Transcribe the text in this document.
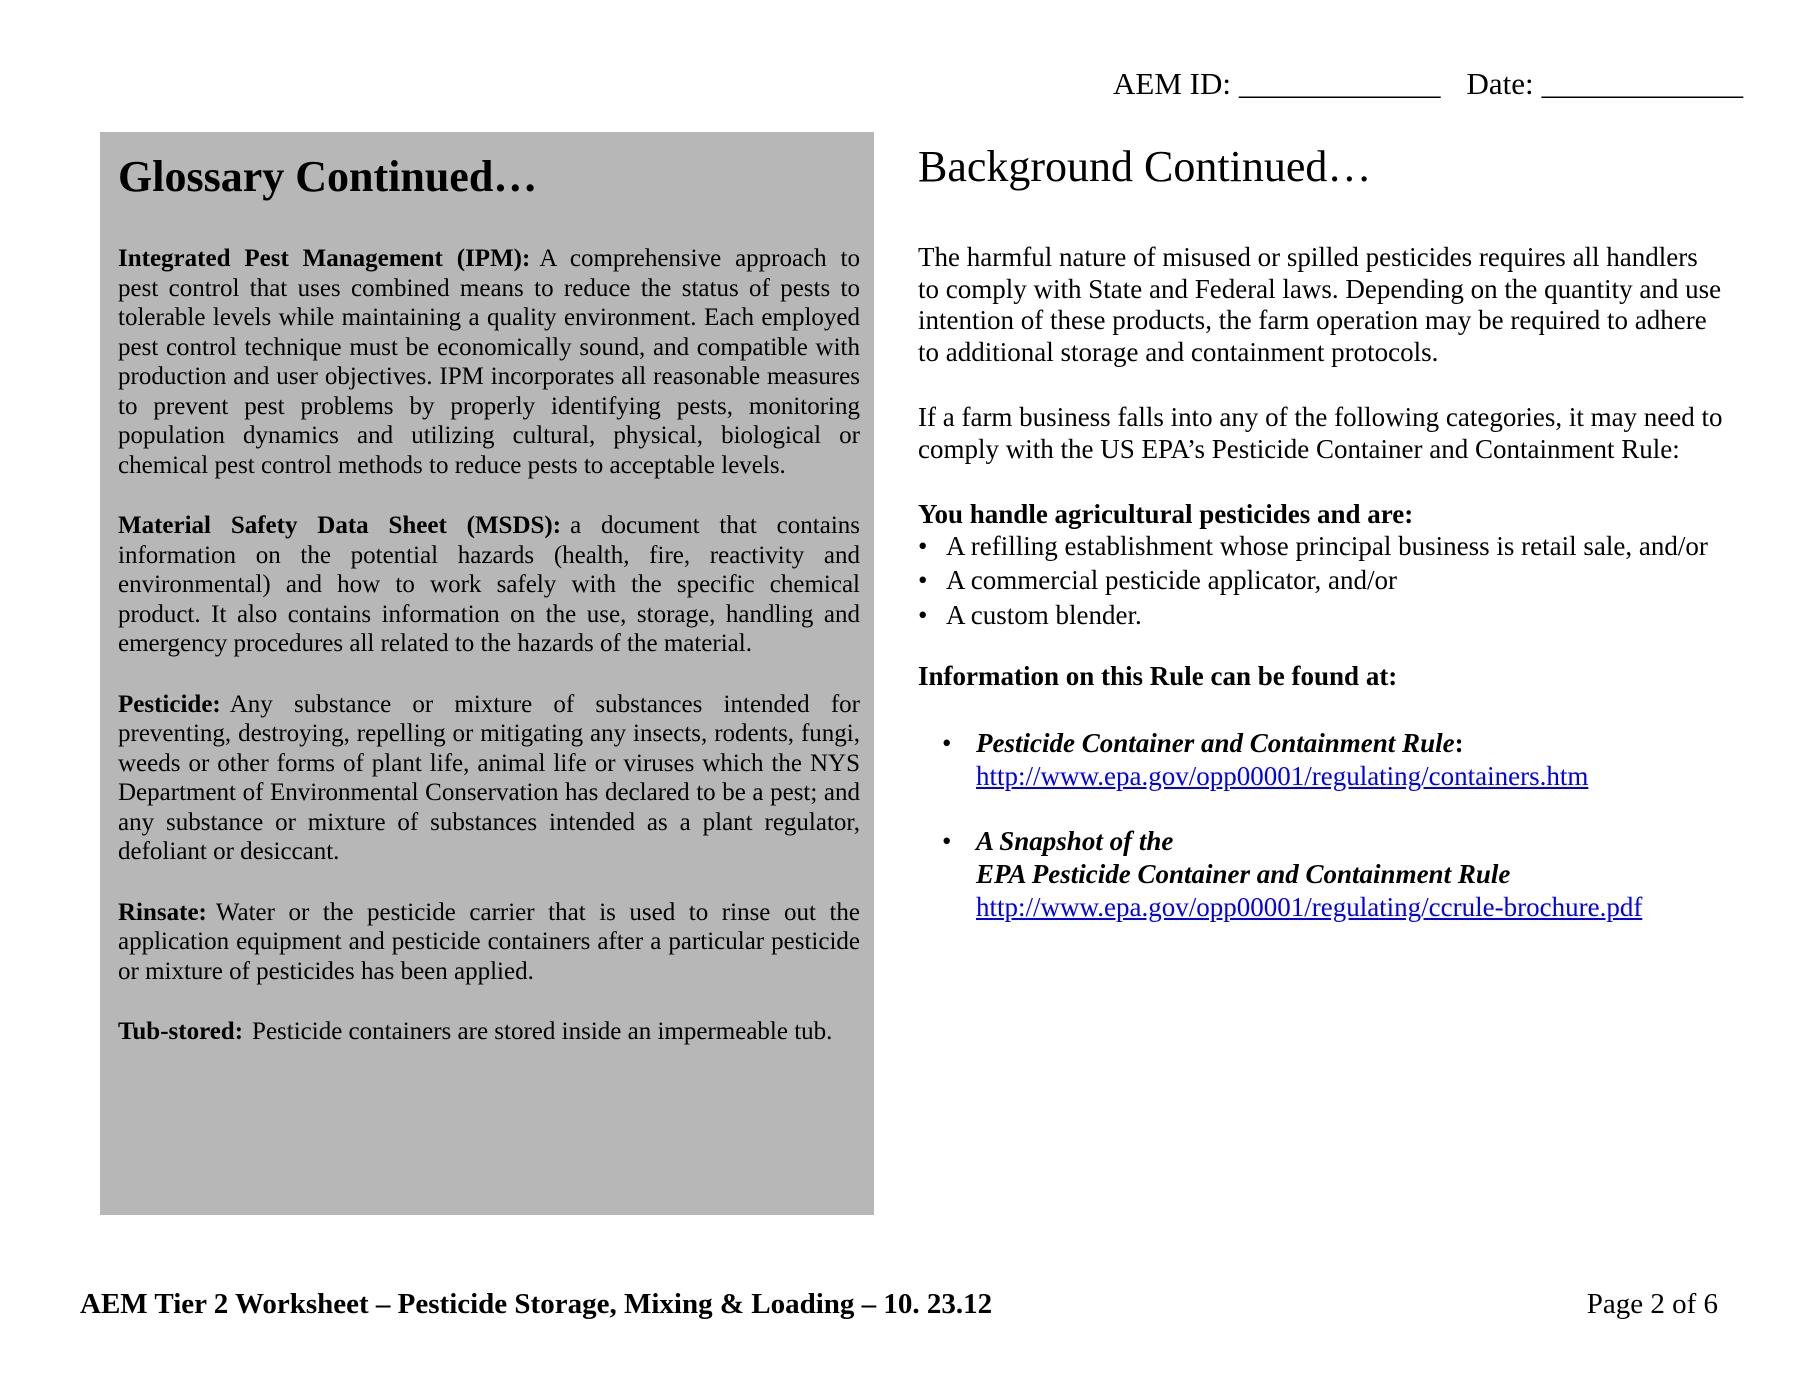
AEM ID: _____________ Date: _____________
Glossary Continued…

Integrated Pest Management (IPM): A comprehensive approach to pest control that uses combined means to reduce the status of pests to tolerable levels while maintaining a quality environment. Each employed pest control technique must be economically sound, and compatible with production and user objectives. IPM incorporates all reasonable measures to prevent pest problems by properly identifying pests, monitoring population dynamics and utilizing cultural, physical, biological or chemical pest control methods to reduce pests to acceptable levels.

Material Safety Data Sheet (MSDS): a document that contains information on the potential hazards (health, fire, reactivity and environmental) and how to work safely with the specific chemical product. It also contains information on the use, storage, handling and emergency procedures all related to the hazards of the material.

Pesticide: Any substance or mixture of substances intended for preventing, destroying, repelling or mitigating any insects, rodents, fungi, weeds or other forms of plant life, animal life or viruses which the NYS Department of Environmental Conservation has declared to be a pest; and any substance or mixture of substances intended as a plant regulator, defoliant or desiccant.

Rinsate: Water or the pesticide carrier that is used to rinse out the application equipment and pesticide containers after a particular pesticide or mixture of pesticides has been applied.

Tub-stored: Pesticide containers are stored inside an impermeable tub.

Background Continued…

The harmful nature of misused or spilled pesticides requires all handlers to comply with State and Federal laws. Depending on the quantity and use intention of these products, the farm operation may be required to adhere to additional storage and containment protocols.

If a farm business falls into any of the following categories, it may need to comply with the US EPA’s Pesticide Container and Containment Rule:

You handle agricultural pesticides and are:

• A refilling establishment whose principal business is retail sale, and/or
• A commercial pesticide applicator, and/or
• A custom blender.

Information on this Rule can be found at:

• Pesticide Container and Containment Rule:
http://www.epa.gov/opp00001/regulating/containers.htm
• A Snapshot of the
EPA Pesticide Container and Containment Rule
http://www.epa.gov/opp00001/regulating/ccrule-brochure.pdf
AEM Tier 2 Worksheet – Pesticide Storage, Mixing & Loading – 10. 23.12	Page 2 of 6
